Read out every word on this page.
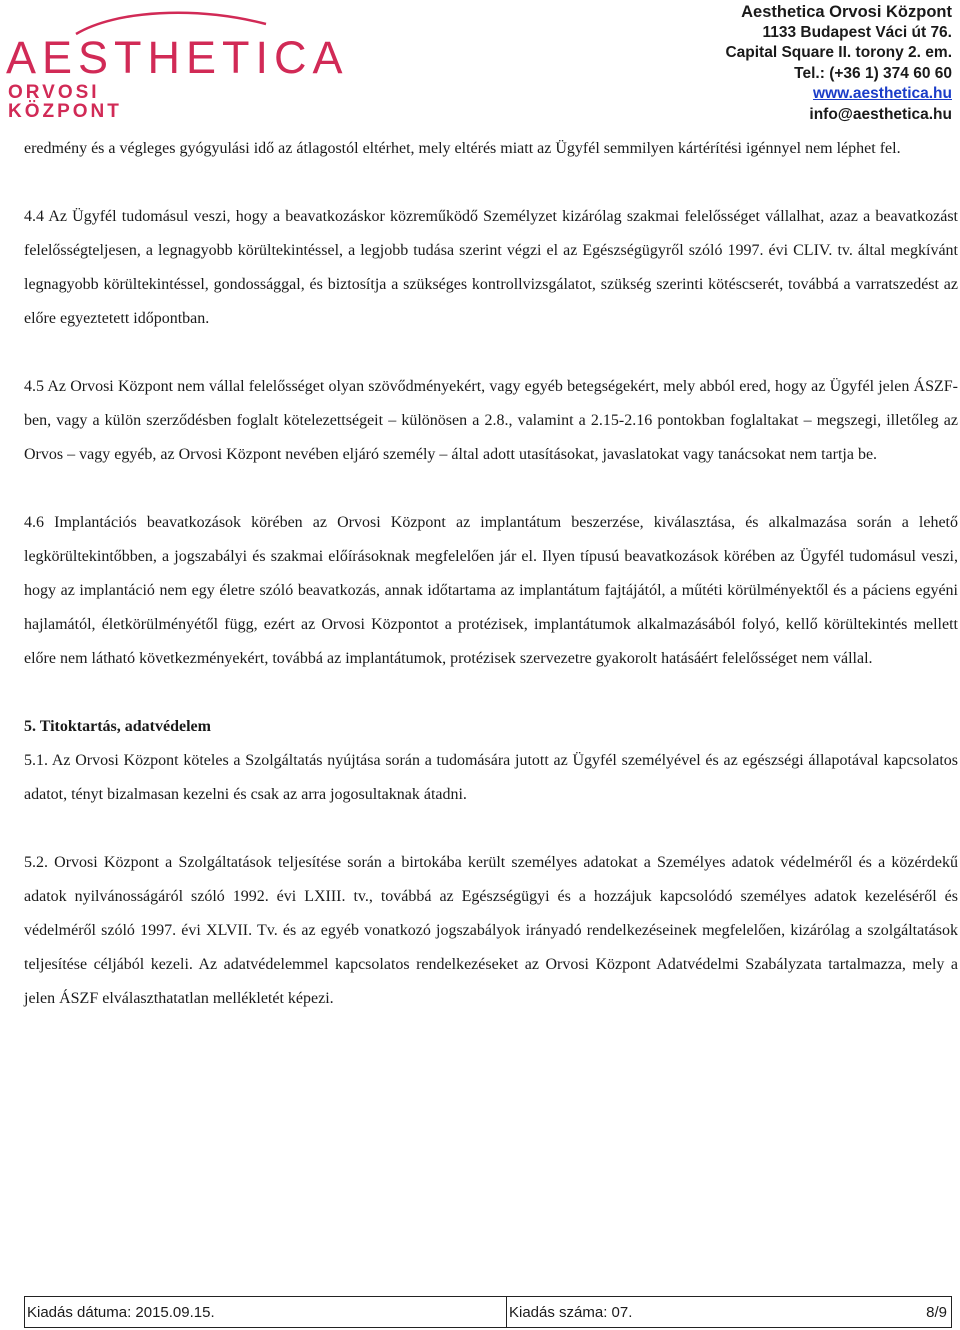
AESTHETICA
ORVOSI
KÖZPONT
Aesthetica Orvosi Központ
1133 Budapest Váci út 76.
Capital Square II. torony 2. em.
Tel.: (+36 1) 374 60 60
www.aesthetica.hu
info@aesthetica.hu

eredmény és a végleges gyógyulási idő az átlagostól eltérhet, mely eltérés miatt az Ügyfél semmilyen kártérítési igénnyel nem léphet fel.

4.4 Az Ügyfél tudomásul veszi, hogy a beavatkozáskor közreműködő Személyzet kizárólag szakmai felelősséget vállalhat, azaz a beavatkozást felelősségteljesen, a legnagyobb körültekintéssel, a legjobb tudása szerint végzi el az Egészségügyről szóló 1997. évi CLIV. tv. által megkívánt legnagyobb körültekintéssel, gondossággal, és biztosítja a szükséges kontrollvizsgálatot, szükség szerinti kötéscserét, továbbá a varratszedést az előre egyeztetett időpontban.

4.5 Az Orvosi Központ nem vállal felelősséget olyan szövődményekért, vagy egyéb betegségekért, mely abból ered, hogy az Ügyfél jelen ÁSZF-ben, vagy a külön szerződésben foglalt kötelezettségeit – különösen a 2.8., valamint a 2.15-2.16 pontokban foglaltakat – megszegi, illetőleg az Orvos – vagy egyéb, az Orvosi Központ nevében eljáró személy – által adott utasításokat, javaslatokat vagy tanácsokat nem tartja be.

4.6 Implantációs beavatkozások körében az Orvosi Központ az implantátum beszerzése, kiválasztása, és alkalmazása során a lehető legkörültekintőbben, a jogszabályi és szakmai előírásoknak megfelelően jár el. Ilyen típusú beavatkozások körében az Ügyfél tudomásul veszi, hogy az implantáció nem egy életre szóló beavatkozás, annak időtartama az implantátum fajtájától, a műtéti körülményektől és a páciens egyéni hajlamától, életkörülményétől függ, ezért az Orvosi Központot a protézisek, implantátumok alkalmazásából folyó, kellő körültekintés mellett előre nem látható következményekért, továbbá az implantátumok, protézisek szervezetre gyakorolt hatásáért felelősséget nem vállal.

5. Titoktartás, adatvédelem

5.1. Az Orvosi Központ köteles a Szolgáltatás nyújtása során a tudomására jutott az Ügyfél személyével és az egészségi állapotával kapcsolatos adatot, tényt bizalmasan kezelni és csak az arra jogosultaknak átadni.

5.2. Orvosi Központ a Szolgáltatások teljesítése során a birtokába került személyes adatokat a Személyes adatok védelméről és a közérdekű adatok nyilvánosságáról szóló 1992. évi LXIII. tv., továbbá az Egészségügyi és a hozzájuk kapcsolódó személyes adatok kezeléséről és védelméről szóló 1997. évi XLVII. Tv. és az egyéb vonatkozó jogszabályok irányadó rendelkezéseinek megfelelően, kizárólag a szolgáltatások teljesítése céljából kezeli. Az adatvédelemmel kapcsolatos rendelkezéseket az Orvosi Központ Adatvédelmi Szabályzata tartalmazza, mely a jelen ÁSZF elválaszthatatlan mellékletét képezi.

Kiadás dátuma: 2015.09.15.	Kiadás száma: 07.	8/9
